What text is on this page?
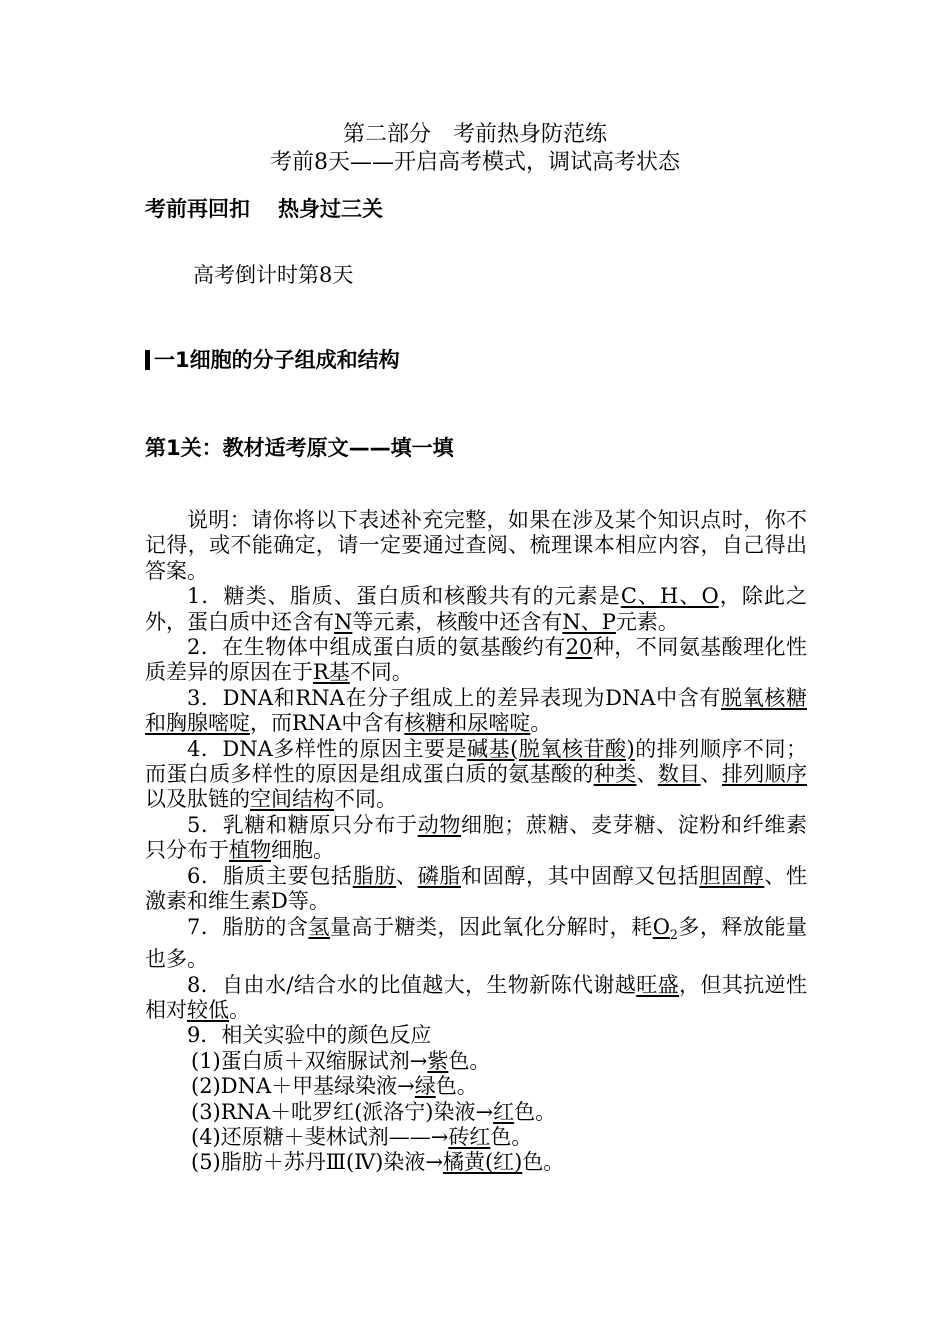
第二部分　考前热身防范练
考前8天——开启高考模式，调试高考状态
考前再回扣 热身过三关
高考倒计时第8天
一1细胞的分子组成和结构
第1关：教材适考原文——填一填

说明：请你将以下表述补充完整，如果在涉及某个知识点时，你不记得，或不能确定，请一定要通过查阅、梳理课本相应内容，自己得出答案。

1．糖类、脂质、蛋白质和核酸共有的元素是C、H、O，除此之外，蛋白质中还含有N等元素，核酸中还含有N、P元素。

2．在生物体中组成蛋白质的氨基酸约有20种，不同氨基酸理化性质差异的原因在于R基不同。

3．DNA和RNA在分子组成上的差异表现为DNA中含有脱氧核糖和胸腺嘧啶，而RNA中含有核糖和尿嘧啶。

4．DNA多样性的原因主要是碱基(脱氧核苷酸)的排列顺序不同；而蛋白质多样性的原因是组成蛋白质的氨基酸的种类、数目、排列顺序以及肽链的空间结构不同。

5．乳糖和糖原只分布于动物细胞；蔗糖、麦芽糖、淀粉和纤维素只分布于植物细胞。

6．脂质主要包括脂肪、磷脂和固醇，其中固醇又包括胆固醇、性激素和维生素D等。

7．脂肪的含氢量高于糖类，因此氧化分解时，耗$O_2$多，释放能量也多。

8．自由水/结合水的比值越大，生物新陈代谢越旺盛，但其抗逆性相对较低。

9．相关实验中的颜色反应

(1)蛋白质＋双缩脲试剂→紫色。

(2)DNA＋甲基绿染液→绿色。

(3)RNA＋吡罗红(派洛宁)染液→红色。

(4)还原糖＋斐林试剂——→砖红色。

(5)脂肪＋苏丹Ⅲ(Ⅳ)染液→橘黄(红)色。
